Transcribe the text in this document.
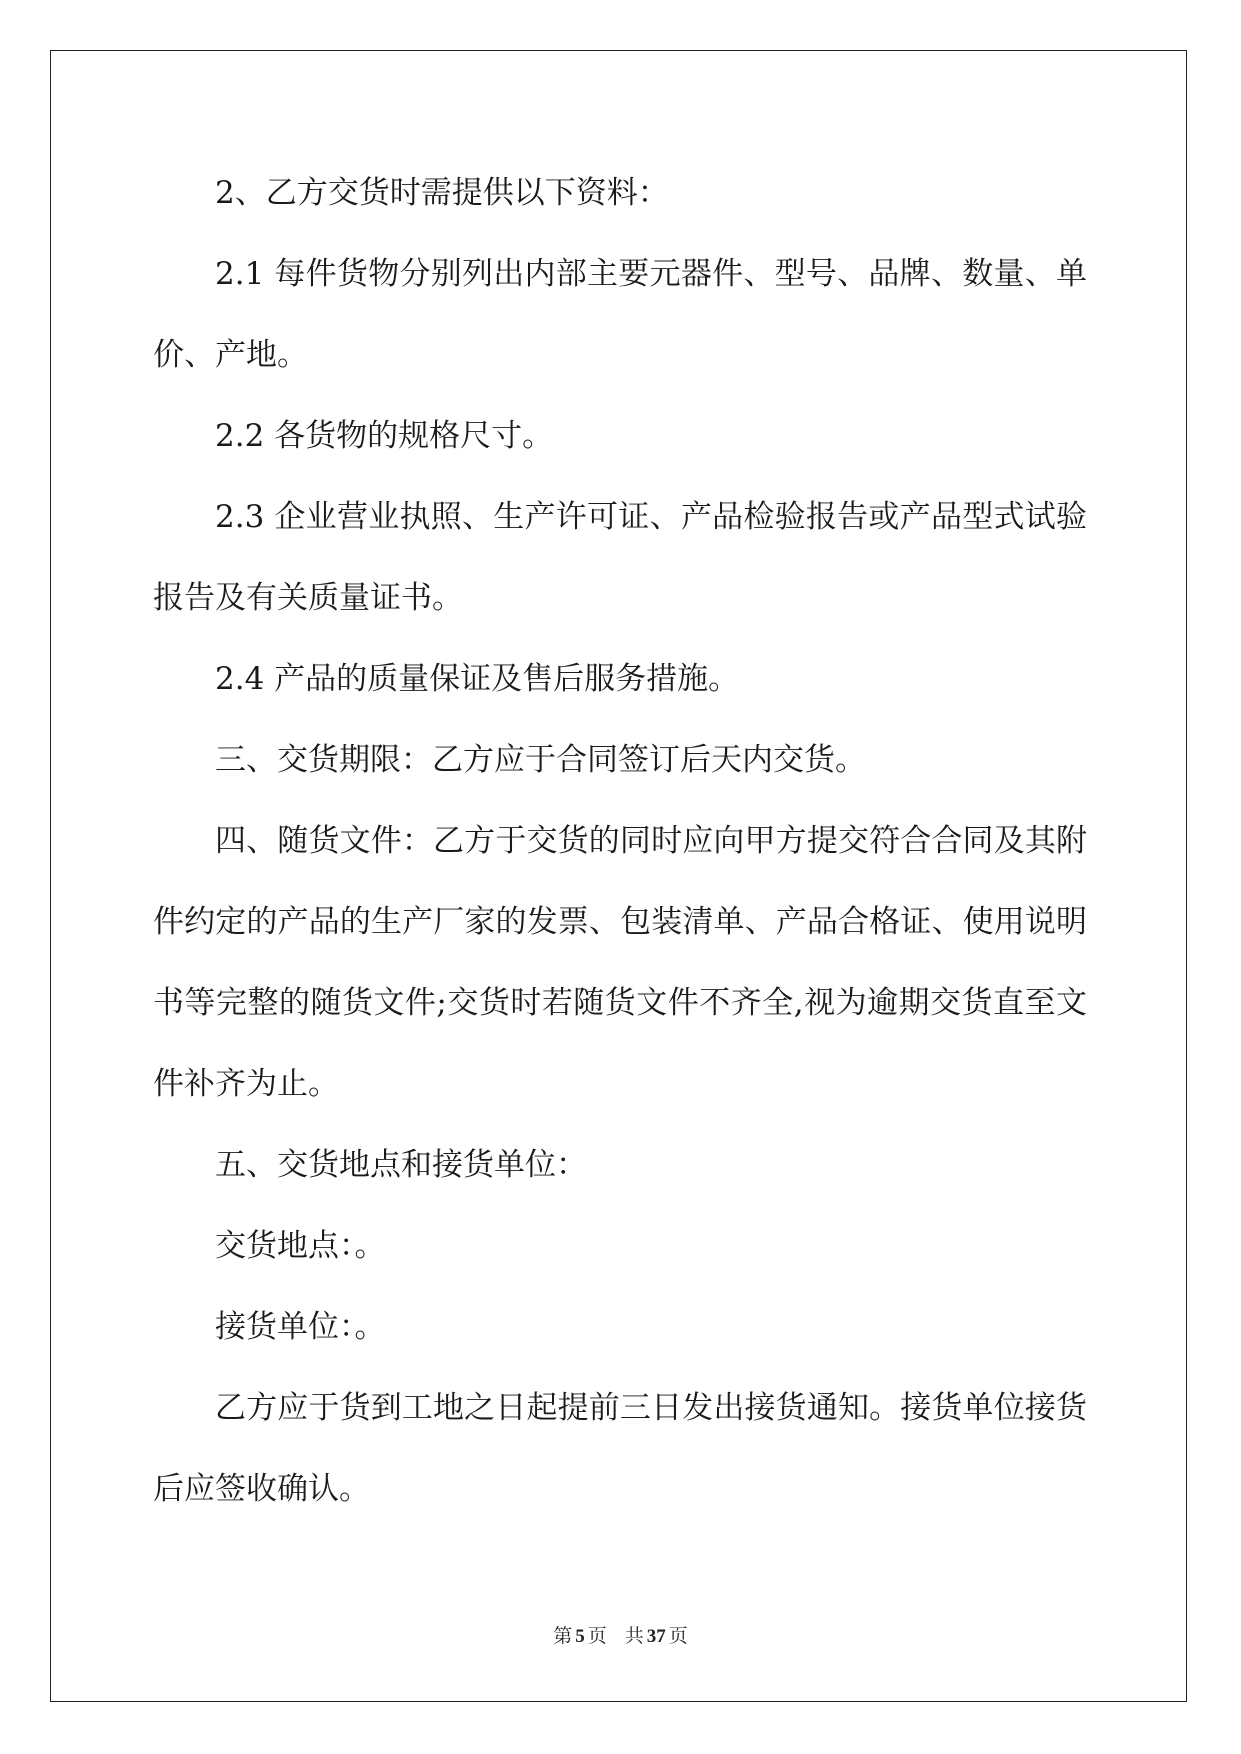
2、乙方交货时需提供以下资料：
2.1 每件货物分别列出内部主要元器件、型号、品牌、数量、单
价、产地。
2.2 各货物的规格尺寸。
2.3 企业营业执照、生产许可证、产品检验报告或产品型式试验
报告及有关质量证书。
2.4 产品的质量保证及售后服务措施。
三、交货期限：乙方应于合同签订后天内交货。
四、随货文件：乙方于交货的同时应向甲方提交符合合同及其附
件约定的产品的生产厂家的发票、包装清单、产品合格证、使用说明
书等完整的随货文件;交货时若随货文件不齐全,视为逾期交货直至文
件补齐为止。
五、交货地点和接货单位：
交货地点：。
接货单位：。
乙方应于货到工地之日起提前三日发出接货通知。接货单位接货
后应签收确认。
第 5 页 共 37 页
